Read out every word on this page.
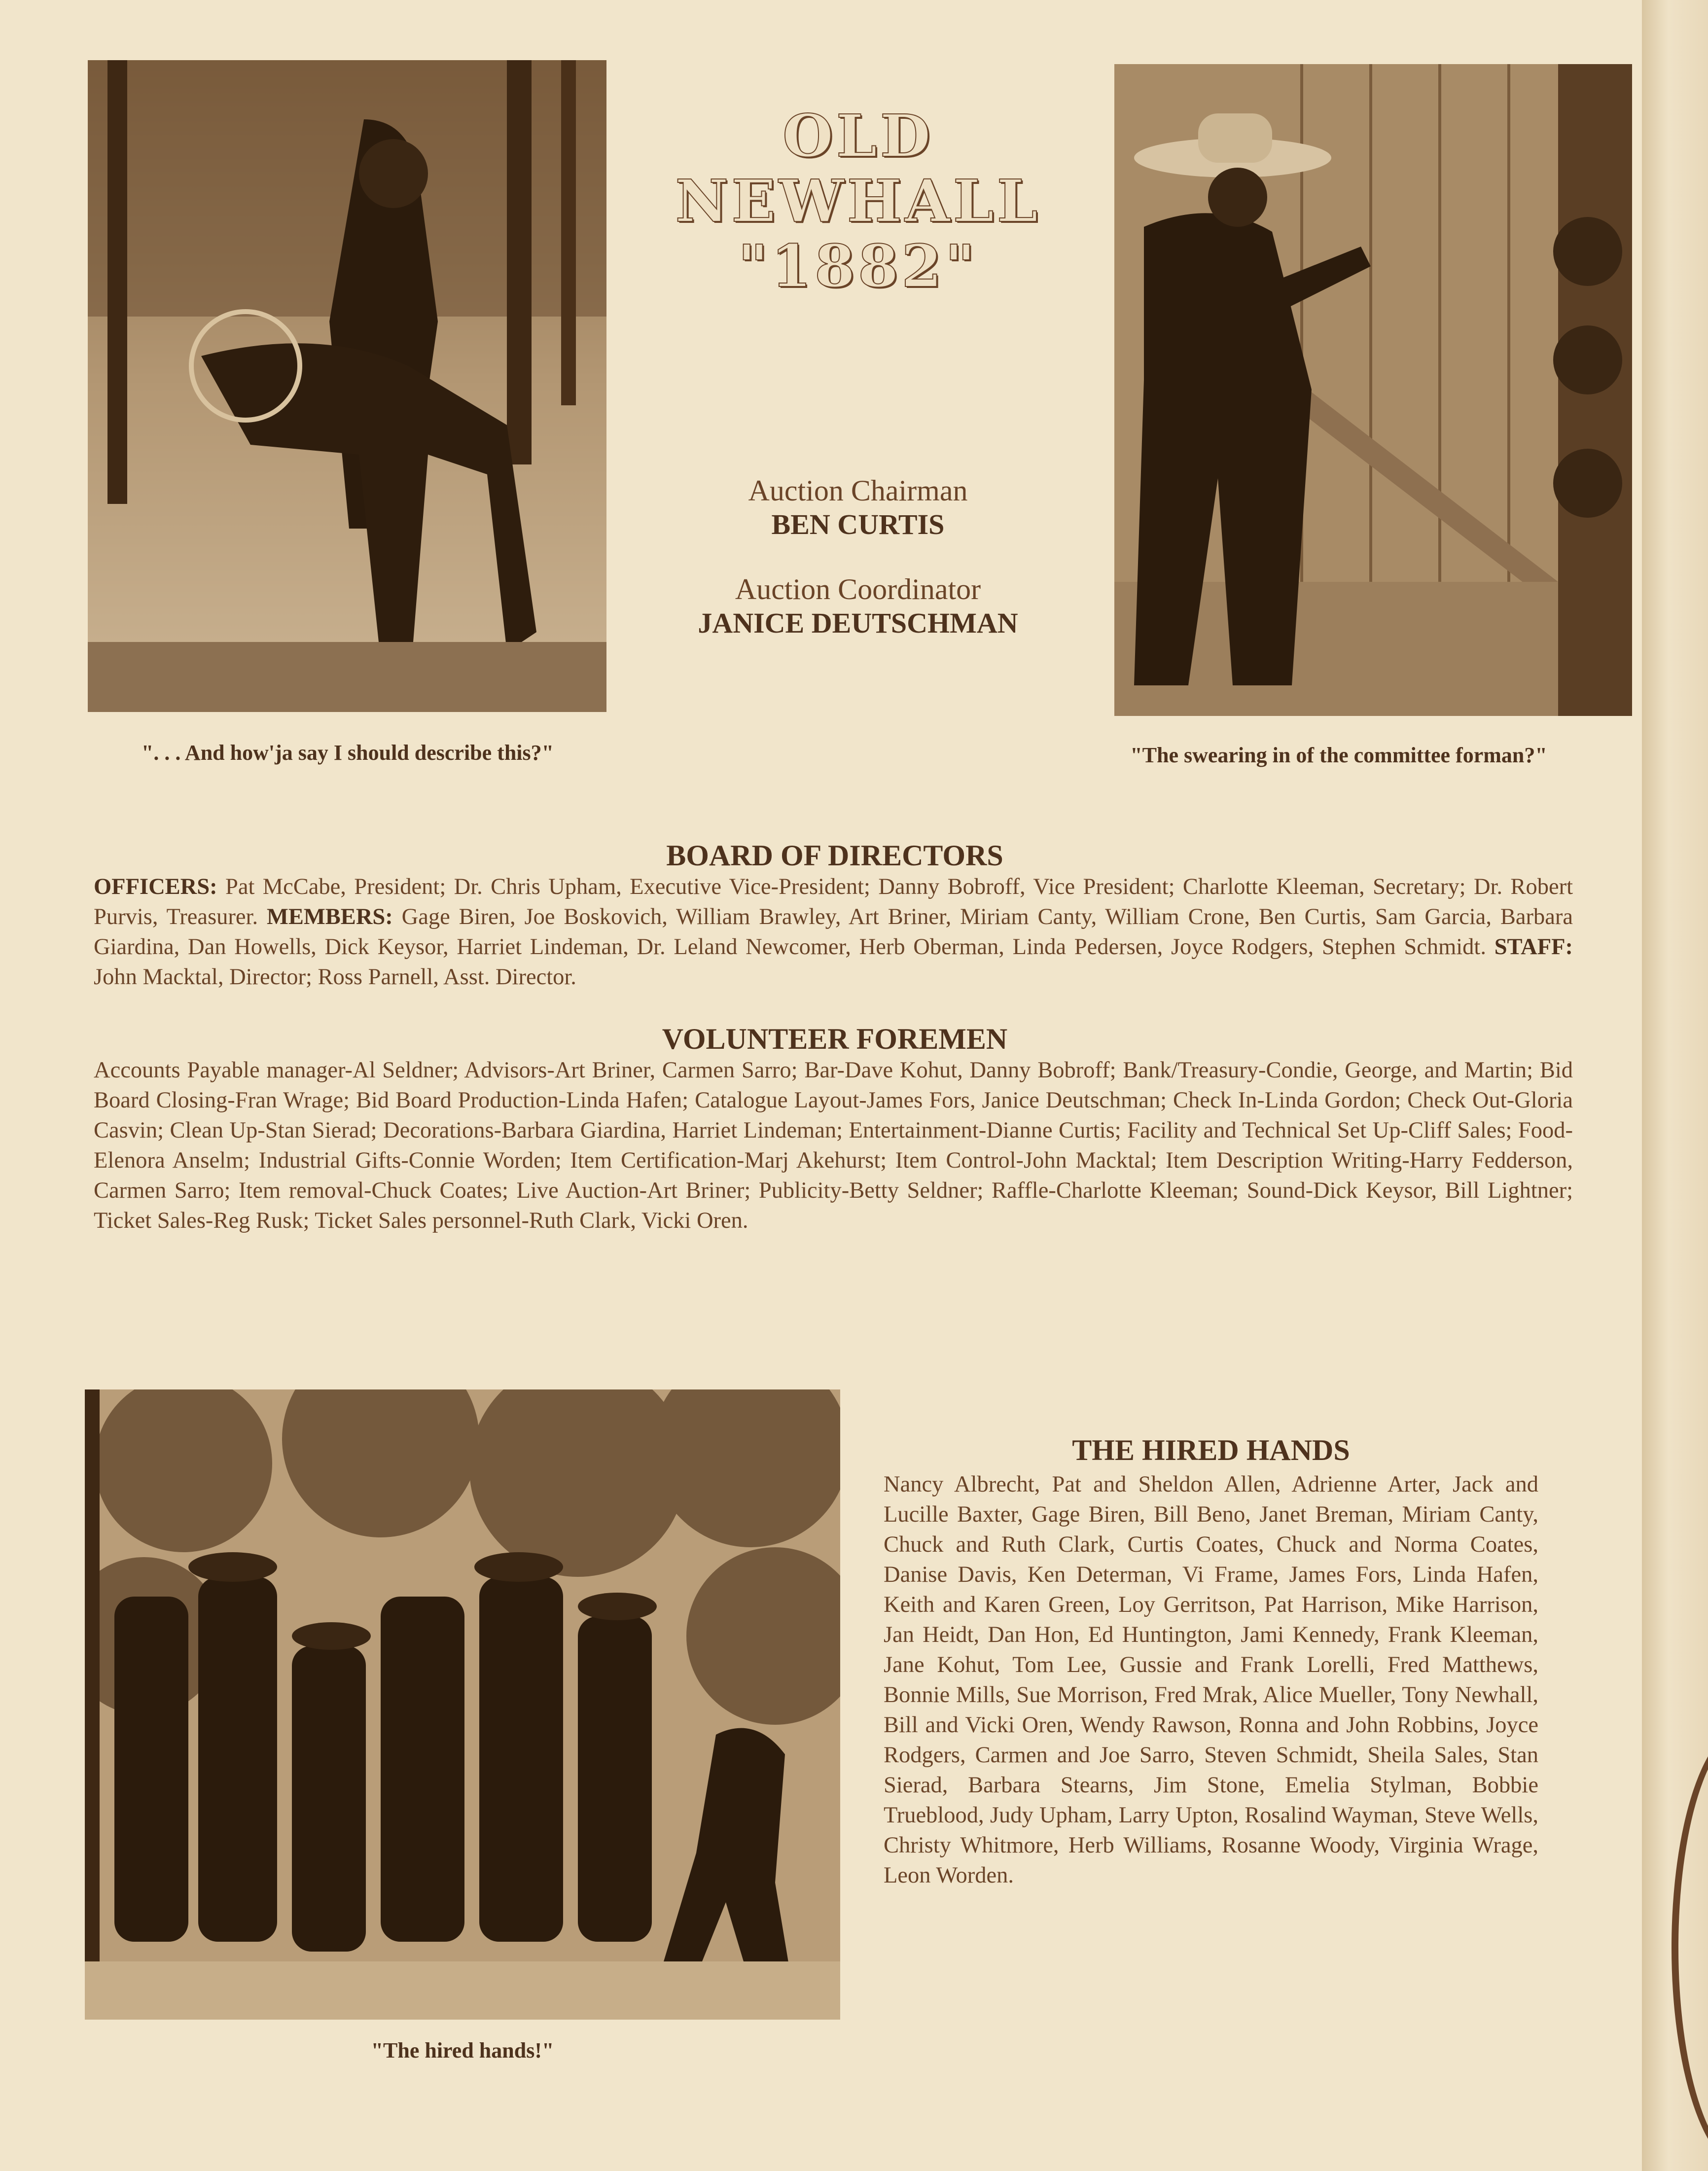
". . . And how'ja say I should describe this?"
OLD
NEWHALL
"1882"
Auction Chairman
BEN CURTIS
Auction Coordinator
JANICE DEUTSCHMAN
"The swearing in of the committee forman?"
BOARD OF DIRECTORS
OFFICERS: Pat McCabe, President; Dr. Chris Upham, Executive Vice-President; Danny Bobroff, Vice President; Charlotte Kleeman, Secretary; Dr. Robert Purvis, Treasurer. MEMBERS: Gage Biren, Joe Boskovich, William Brawley, Art Briner, Miriam Canty, William Crone, Ben Curtis, Sam Garcia, Barbara Giardina, Dan Howells, Dick Keysor, Harriet Lindeman, Dr. Leland Newcomer, Herb Oberman, Linda Pedersen, Joyce Rodgers, Stephen Schmidt. STAFF: John Macktal, Director; Ross Parnell, Asst. Director.
VOLUNTEER FOREMEN
Accounts Payable manager-Al Seldner; Advisors-Art Briner, Carmen Sarro; Bar-Dave Kohut, Danny Bobroff; Bank/Treasury-Condie, George, and Martin; Bid Board Closing-Fran Wrage; Bid Board Production-Linda Hafen; Catalogue Layout-James Fors, Janice Deutschman; Check In-Linda Gordon; Check Out-Gloria Casvin; Clean Up-Stan Sierad; Decorations-Barbara Giardina, Harriet Lindeman; Entertainment-Dianne Curtis; Facility and Technical Set Up-Cliff Sales; Food-Elenora Anselm; Industrial Gifts-Connie Worden; Item Certification-Marj Akehurst; Item Control-John Macktal; Item Description Writing-Harry Fedderson, Carmen Sarro; Item removal-Chuck Coates; Live Auction-Art Briner; Publicity-Betty Seldner; Raffle-Charlotte Kleeman; Sound-Dick Keysor, Bill Lightner; Ticket Sales-Reg Rusk; Ticket Sales personnel-Ruth Clark, Vicki Oren.
"The hired hands!"
THE HIRED HANDS
Nancy Albrecht, Pat and Sheldon Allen, Adrienne Arter, Jack and Lucille Baxter, Gage Biren, Bill Beno, Janet Breman, Miriam Canty, Chuck and Ruth Clark, Curtis Coates, Chuck and Norma Coates, Danise Davis, Ken Determan, Vi Frame, James Fors, Linda Hafen, Keith and Karen Green, Loy Gerritson, Pat Harrison, Mike Harrison, Jan Heidt, Dan Hon, Ed Huntington, Jami Kennedy, Frank Kleeman, Jane Kohut, Tom Lee, Gussie and Frank Lorelli, Fred Matthews, Bonnie Mills, Sue Morrison, Fred Mrak, Alice Mueller, Tony Newhall, Bill and Vicki Oren, Wendy Rawson, Ronna and John Robbins, Joyce Rodgers, Carmen and Joe Sarro, Steven Schmidt, Sheila Sales, Stan Sierad, Barbara Stearns, Jim Stone, Emelia Stylman, Bobbie Trueblood, Judy Upham, Larry Upton, Rosalind Wayman, Steve Wells, Christy Whitmore, Herb Williams, Rosanne Woody, Virginia Wrage, Leon Worden.
